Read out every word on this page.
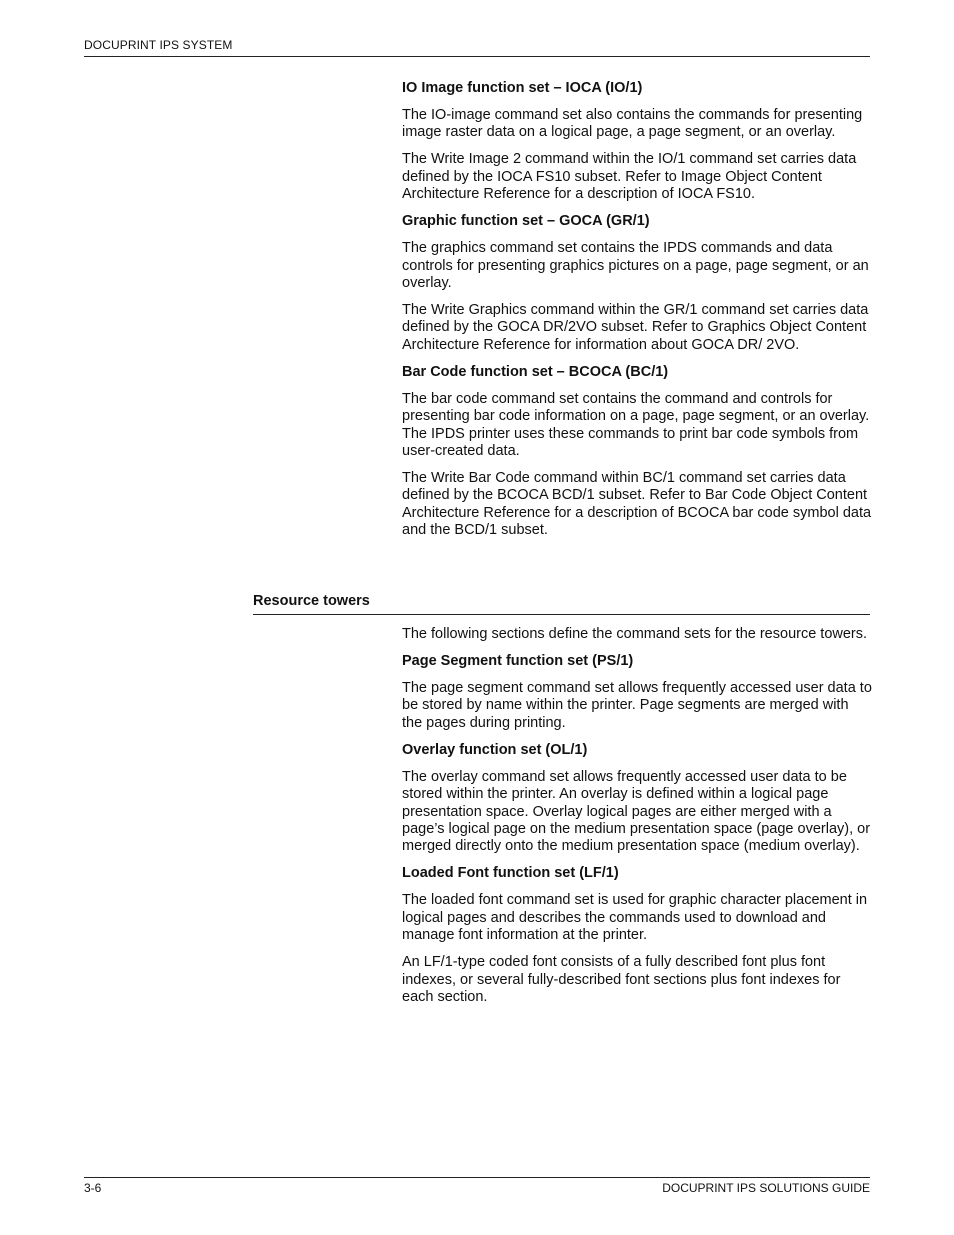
DOCUPRINT IPS SYSTEM
IO Image function set – IOCA (IO/1)

The IO-image command set also contains the commands for presenting image raster data on a logical page, a page segment, or an overlay.

The Write Image 2 command within the IO/1 command set carries data defined by the IOCA FS10 subset. Refer to Image Object Content Architecture Reference for a description of IOCA FS10.

Graphic function set – GOCA (GR/1)

The graphics command set contains the IPDS commands and data controls for presenting graphics pictures on a page, page segment, or an overlay.

The Write Graphics command within the GR/1 command set carries data defined by the GOCA DR/2VO subset. Refer to Graphics Object Content Architecture Reference for information about GOCA DR/ 2VO.

Bar Code function set – BCOCA (BC/1)

The bar code command set contains the command and controls for presenting bar code information on a page, page segment, or an overlay. The IPDS printer uses these commands to print bar code symbols from user-created data.

The Write Bar Code command within BC/1 command set carries data defined by the BCOCA BCD/1 subset. Refer to Bar Code Object Content Architecture Reference for a description of BCOCA bar code symbol data and the BCD/1 subset.

Resource towers

The following sections define the command sets for the resource towers.

Page Segment function set (PS/1)

The page segment command set allows frequently accessed user data to be stored by name within the printer. Page segments are merged with the pages during printing.

Overlay function set (OL/1)

The overlay command set allows frequently accessed user data to be stored within the printer. An overlay is defined within a logical page presentation space. Overlay logical pages are either merged with a page’s logical page on the medium presentation space (page overlay), or merged directly onto the medium presentation space (medium overlay).

Loaded Font function set (LF/1)

The loaded font command set is used for graphic character placement in logical pages and describes the commands used to download and manage font information at the printer.

An LF/1-type coded font consists of a fully described font plus font indexes, or several fully-described font sections plus font indexes for each section.

3-6	DOCUPRINT IPS SOLUTIONS GUIDE
